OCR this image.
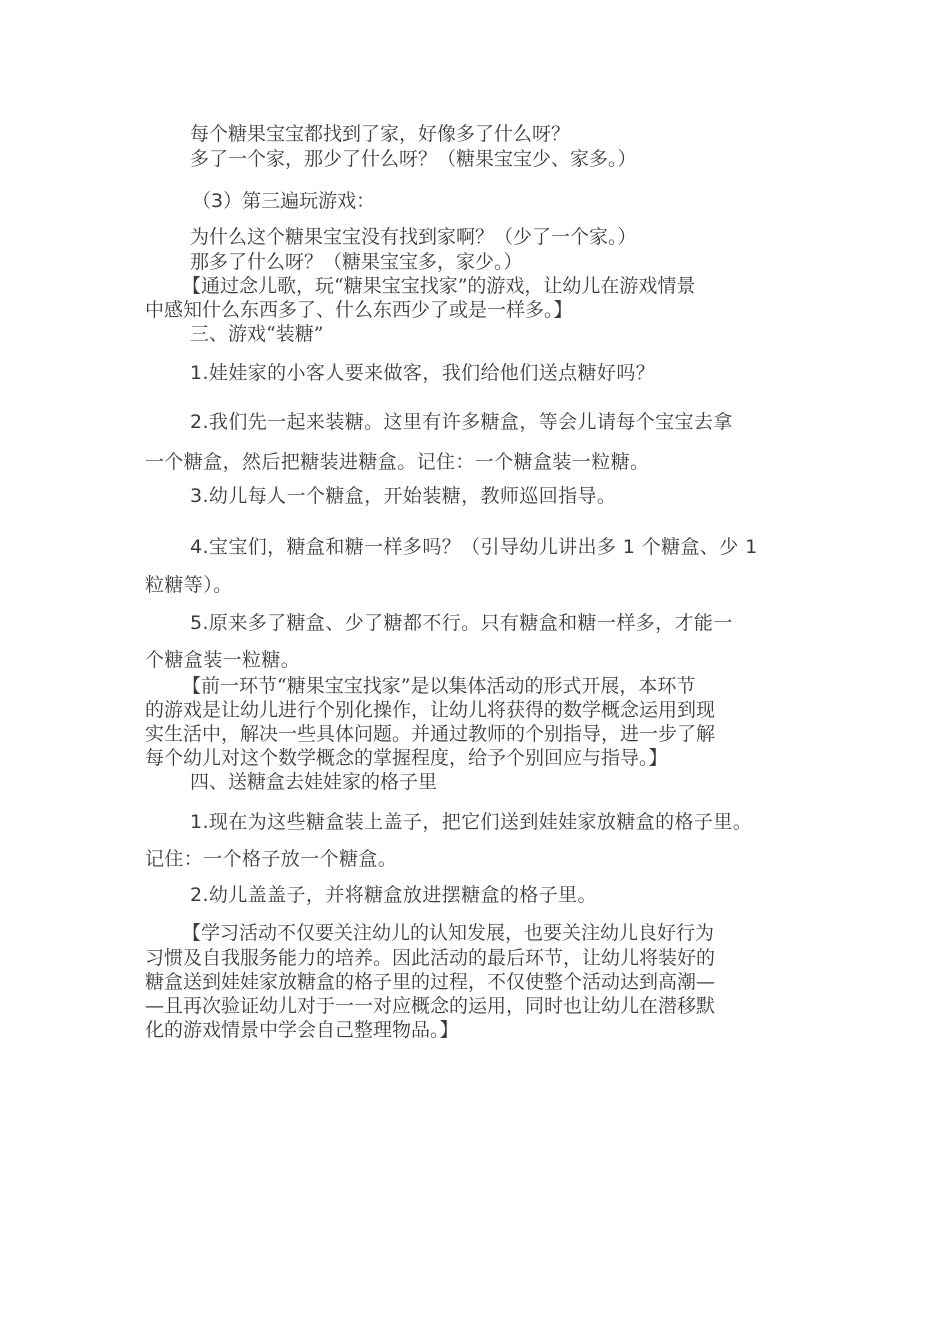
每个糖果宝宝都找到了家，好像多了什么呀？
多了一个家，那少了什么呀？（糖果宝宝少、家多。）
（3）第三遍玩游戏：
为什么这个糖果宝宝没有找到家啊？（少了一个家。）
那多了什么呀？（糖果宝宝多，家少。）
【通过念儿歌，玩“糖果宝宝找家”的游戏，让幼儿在游戏情景
中感知什么东西多了、什么东西少了或是一样多。】
三、游戏“装糖”
1.娃娃家的小客人要来做客，我们给他们送点糖好吗？
2.我们先一起来装糖。这里有许多糖盒，等会儿请每个宝宝去拿
一个糖盒，然后把糖装进糖盒。记住：一个糖盒装一粒糖。
3.幼儿每人一个糖盒，开始装糖，教师巡回指导。
4.宝宝们，糖盒和糖一样多吗？（引导幼儿讲出多 1 个糖盒、少 1
粒糖等）。
5.原来多了糖盒、少了糖都不行。只有糖盒和糖一样多，才能一
个糖盒装一粒糖。
【前一环节“糖果宝宝找家”是以集体活动的形式开展，本环节
的游戏是让幼儿进行个别化操作，让幼儿将获得的数学概念运用到现
实生活中，解决一些具体问题。并通过教师的个别指导，进一步了解
每个幼儿对这个数学概念的掌握程度，给予个别回应与指导。】
四、送糖盒去娃娃家的格子里
1.现在为这些糖盒装上盖子，把它们送到娃娃家放糖盒的格子里。
记住：一个格子放一个糖盒。
2.幼儿盖盖子，并将糖盒放进摆糖盒的格子里。
【学习活动不仅要关注幼儿的认知发展，也要关注幼儿良好行为
习惯及自我服务能力的培养。因此活动的最后环节，让幼儿将装好的
糖盒送到娃娃家放糖盒的格子里的过程，不仅使整个活动达到高潮—
—且再次验证幼儿对于一一对应概念的运用，同时也让幼儿在潜移默
化的游戏情景中学会自己整理物品。】
